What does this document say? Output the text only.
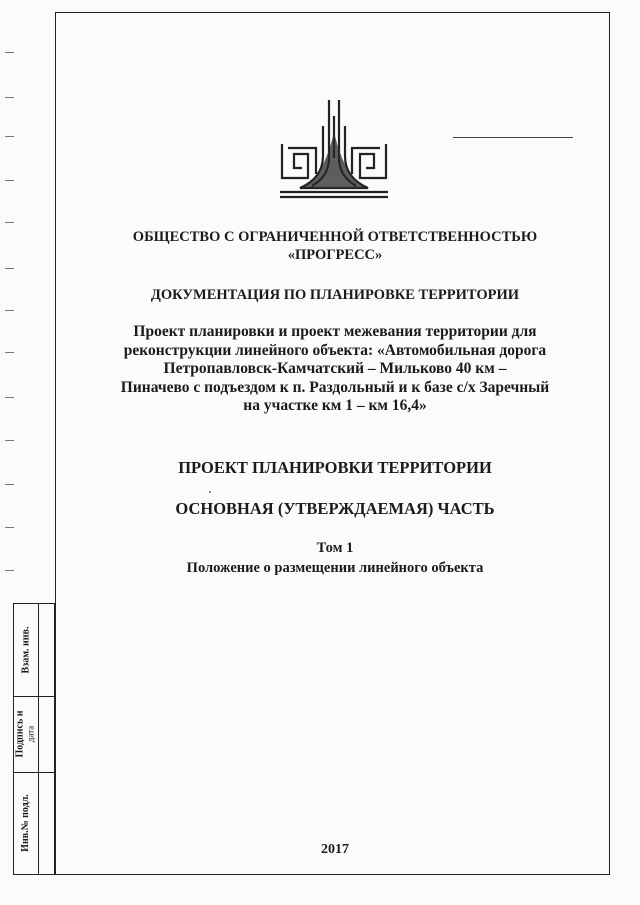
ОБЩЕСТВО С ОГРАНИЧЕННОЙ ОТВЕТСТВЕННОСТЬЮ
«ПРОГРЕСС»
ДОКУМЕНТАЦИЯ ПО ПЛАНИРОВКЕ ТЕРРИТОРИИ
Проект планировки и проект межевания территории для
реконструкции линейного объекта: «Автомобильная дорога
Петропавловск-Камчатский – Мильково 40 км –
Пиначево с подъездом к п. Раздольный и к базе с/х Заречный
на участке км 1 – км 16,4»
ПРОЕКТ ПЛАНИРОВКИ ТЕРРИТОРИИ
ОСНОВНАЯ (УТВЕРЖДАЕМАЯ) ЧАСТЬ
Том 1
Положение о размещении линейного объекта
2017
Взам. инв.
Подпись и дата
Инв.№ подл.
